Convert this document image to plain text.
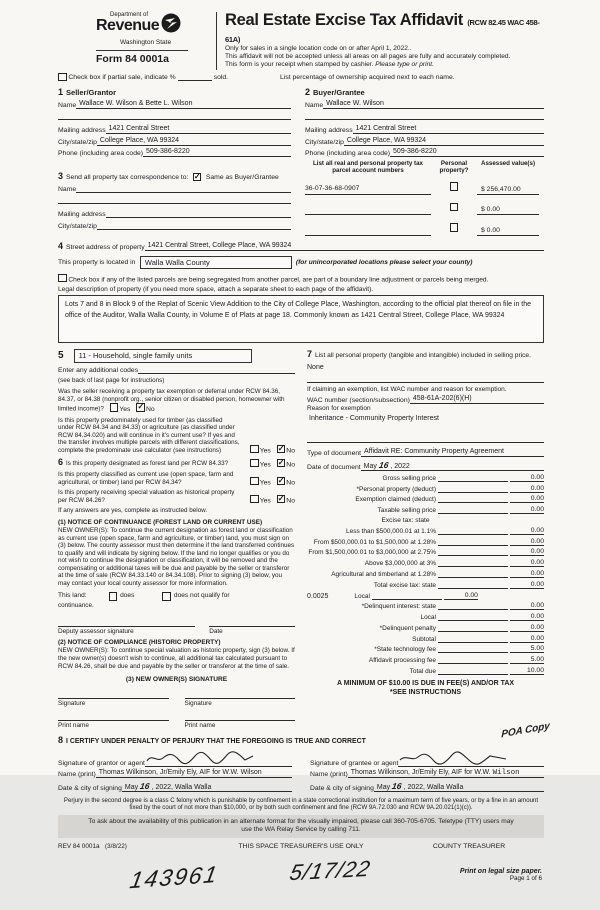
Department of
Revenue
Washington State
Form 84 0001a
Real Estate Excise Tax Affidavit (RCW 82.45 WAC 458-61A)
Only for sales in a single location code on or after April 1, 2022..
This affidavit will not be accepted unless all areas on all pages are fully and accurately completed.
This form is your receipt when stamped by cashier. Please type or print.

Check box if partial sale, indicate %	sold.	List percentage of ownership acquired next to each name.
1 Seller/Grantor
Name Wallace W. Wilson & Bette L. Wilson
Mailing address 1421 Central Street
City/state/zip College Place, WA 99324
Phone (including area code) 509-386-8220
3 Send all property tax correspondence to:
✓
	Same as Buyer/Grantee
Name
Mailing address
City/state/zip
2 Buyer/Grantee
Name Wallace W. Wilson
Mailing address 1421 Central Street
City/state/zip College Place, WA 99324
Phone (including area code) 509-386-8220
List all real and personal property tax parcel account numbers
Personal property?
Assessed value(s)
36-07-36-68-0907	$ 256,470.00
$ 0.00
$ 0.00
4 Street address of property 1421 Central Street, College Place, WA 99324
This property is located in
	Walla Walla County	(for unincorporated locations please select your county)
Check box if any of the listed parcels are being segregated from another parcel, are part of a boundary line adjustment or parcels being merged.
Legal description of property (if you need more space, attach a separate sheet to each page of the affidavit).
Lots 7 and 8 in Block 9 of the Replat of Scenic View Addition to the City of College Place, Washington, according to the official plat thereof on file in the office of the Auditor, Walla Walla County, in Volume E of Plats at page 18. Commonly known as 1421 Central Street, College Place, WA 99324
5	11 - Household, single family units
Enter any additional codes
(see back of last page for instructions)
Was the seller receiving a property tax exemption or deferral under RCW 84.36, 84.37, or 84.38 (nonprofit org., senior citizen or disabled person, homeowner with limited income)? Yes ✓ No
Is this property predominately used for timber (as classified under RCW 84.34 and 84.33) or agriculture (as classified under RCW 84.34.020) and will continue in it's current use? If yes and the transfer involves multiple parcels with different classifications, complete the predominate use calculator (see instructions)	Yes ✓ No
6 Is this property designated as forest land per RCW 84.33?	Yes ✓ No
Is this property classified as current use (open space, farm and agricultural, or timber) land per RCW 84.34?	Yes ✓ No
Is this property receiving special valuation as historical property per RCW 84.26?	Yes ✓ No
If any answers are yes, complete as instructed below.
(1) NOTICE OF CONTINUANCE (FOREST LAND OR CURRENT USE)
NEW OWNER(S): To continue the current designation as forest land or classification as current use (open space, farm and agriculture, or timber) land, you must sign on (3) below. The county assessor must then determine if the land transferred continues to qualify and will indicate by signing below. If the land no longer qualifies or you do not wish to continue the designation or classification, it will be removed and the compensating or additional taxes will be due and payable by the seller or transferor at the time of sale (RCW 84.33.140 or 84.34.108). Prior to signing (3) below, you may contact your local county assessor for more information.
This land:	does	does not qualify for
continuance.
Deputy assessor signature	Date
(2) NOTICE OF COMPLIANCE (HISTORIC PROPERTY)
NEW OWNER(S): To continue special valuation as historic property, sign (3) below. If the new owner(s) doesn't wish to continue, all additional tax calculated pursuant to RCW 84.26, shall be due and payable by the seller or transferor at the time of sale.
(3) NEW OWNER(S) SIGNATURE
Signature	Signature
Print name	Print name
7 List all personal property (tangible and intangible) included in selling price.
None
If claiming an exemption, list WAC number and reason for exemption.
WAC number (section/subsection) 458-61A-202(6)(H)
Reason for exemption
Inheritance - Community Property Interest
Type of document Affidavit RE: Community Property Agreement
Date of document May16, 2022
Gross selling price	0.00
*Personal property (deduct)	0.00
Exemption claimed (deduct)	0.00
Taxable selling price	0.00
Excise tax: state
Less than $500,000.01 at 1.1%	0.00
From $500,000.01 to $1,500,000 at 1.28%	0.00
From $1,500,000.01 to $3,000,000 at 2.75%	0.00
Above $3,000,000 at 3%	0.00
Agricultural and timberland at 1.28%	0.00
Total excise tax: state	0.00
0.0025	Local	0.00
*Delinquent interest: state	0.00
Local	0.00
*Delinquent penalty	0.00
Subtotal	0.00
*State technology fee	5.00
Affidavit processing fee	5.00
Total due	10.00
A MINIMUM OF $10.00 IS DUE IN FEE(S) AND/OR TAX
*SEE INSTRUCTIONS
POA Copy
8 I CERTIFY UNDER PENALTY OF PERJURY THAT THE FOREGOING IS TRUE AND CORRECT
Signature of grantor or agent
Name (print) Thomas Wilkinson, Jr/Emily Ely, AIF for W.W. Wilson
Date & city of signing May16, 2022, Walla Walla
Signature of grantee or agent
Name (print) Thomas Wilkinson, Jr/Emily Ely, AIF for W.W. Wilson
Date & city of signing May16, 2022, Walla Walla
Perjury in the second degree is a class C felony which is punishable by confinement in a state correctional institution for a maximum term of five years, or by a fine in an amount fixed by the court of not more than $10,000, or by both such confinement and fine (RCW 9A.72.030 and RCW 9A.20.021(1)(c)).
To ask about the availability of this publication in an alternate format for the visually impaired, please call 360-705-6705. Teletype (TTY) users may use the WA Relay Service by calling 711.
REV 84 0001a (3/8/22)	THIS SPACE TREASURER'S USE ONLY	COUNTY TREASURER
143961	5/17/22	Print on legal size paper.
Page 1 of 6
